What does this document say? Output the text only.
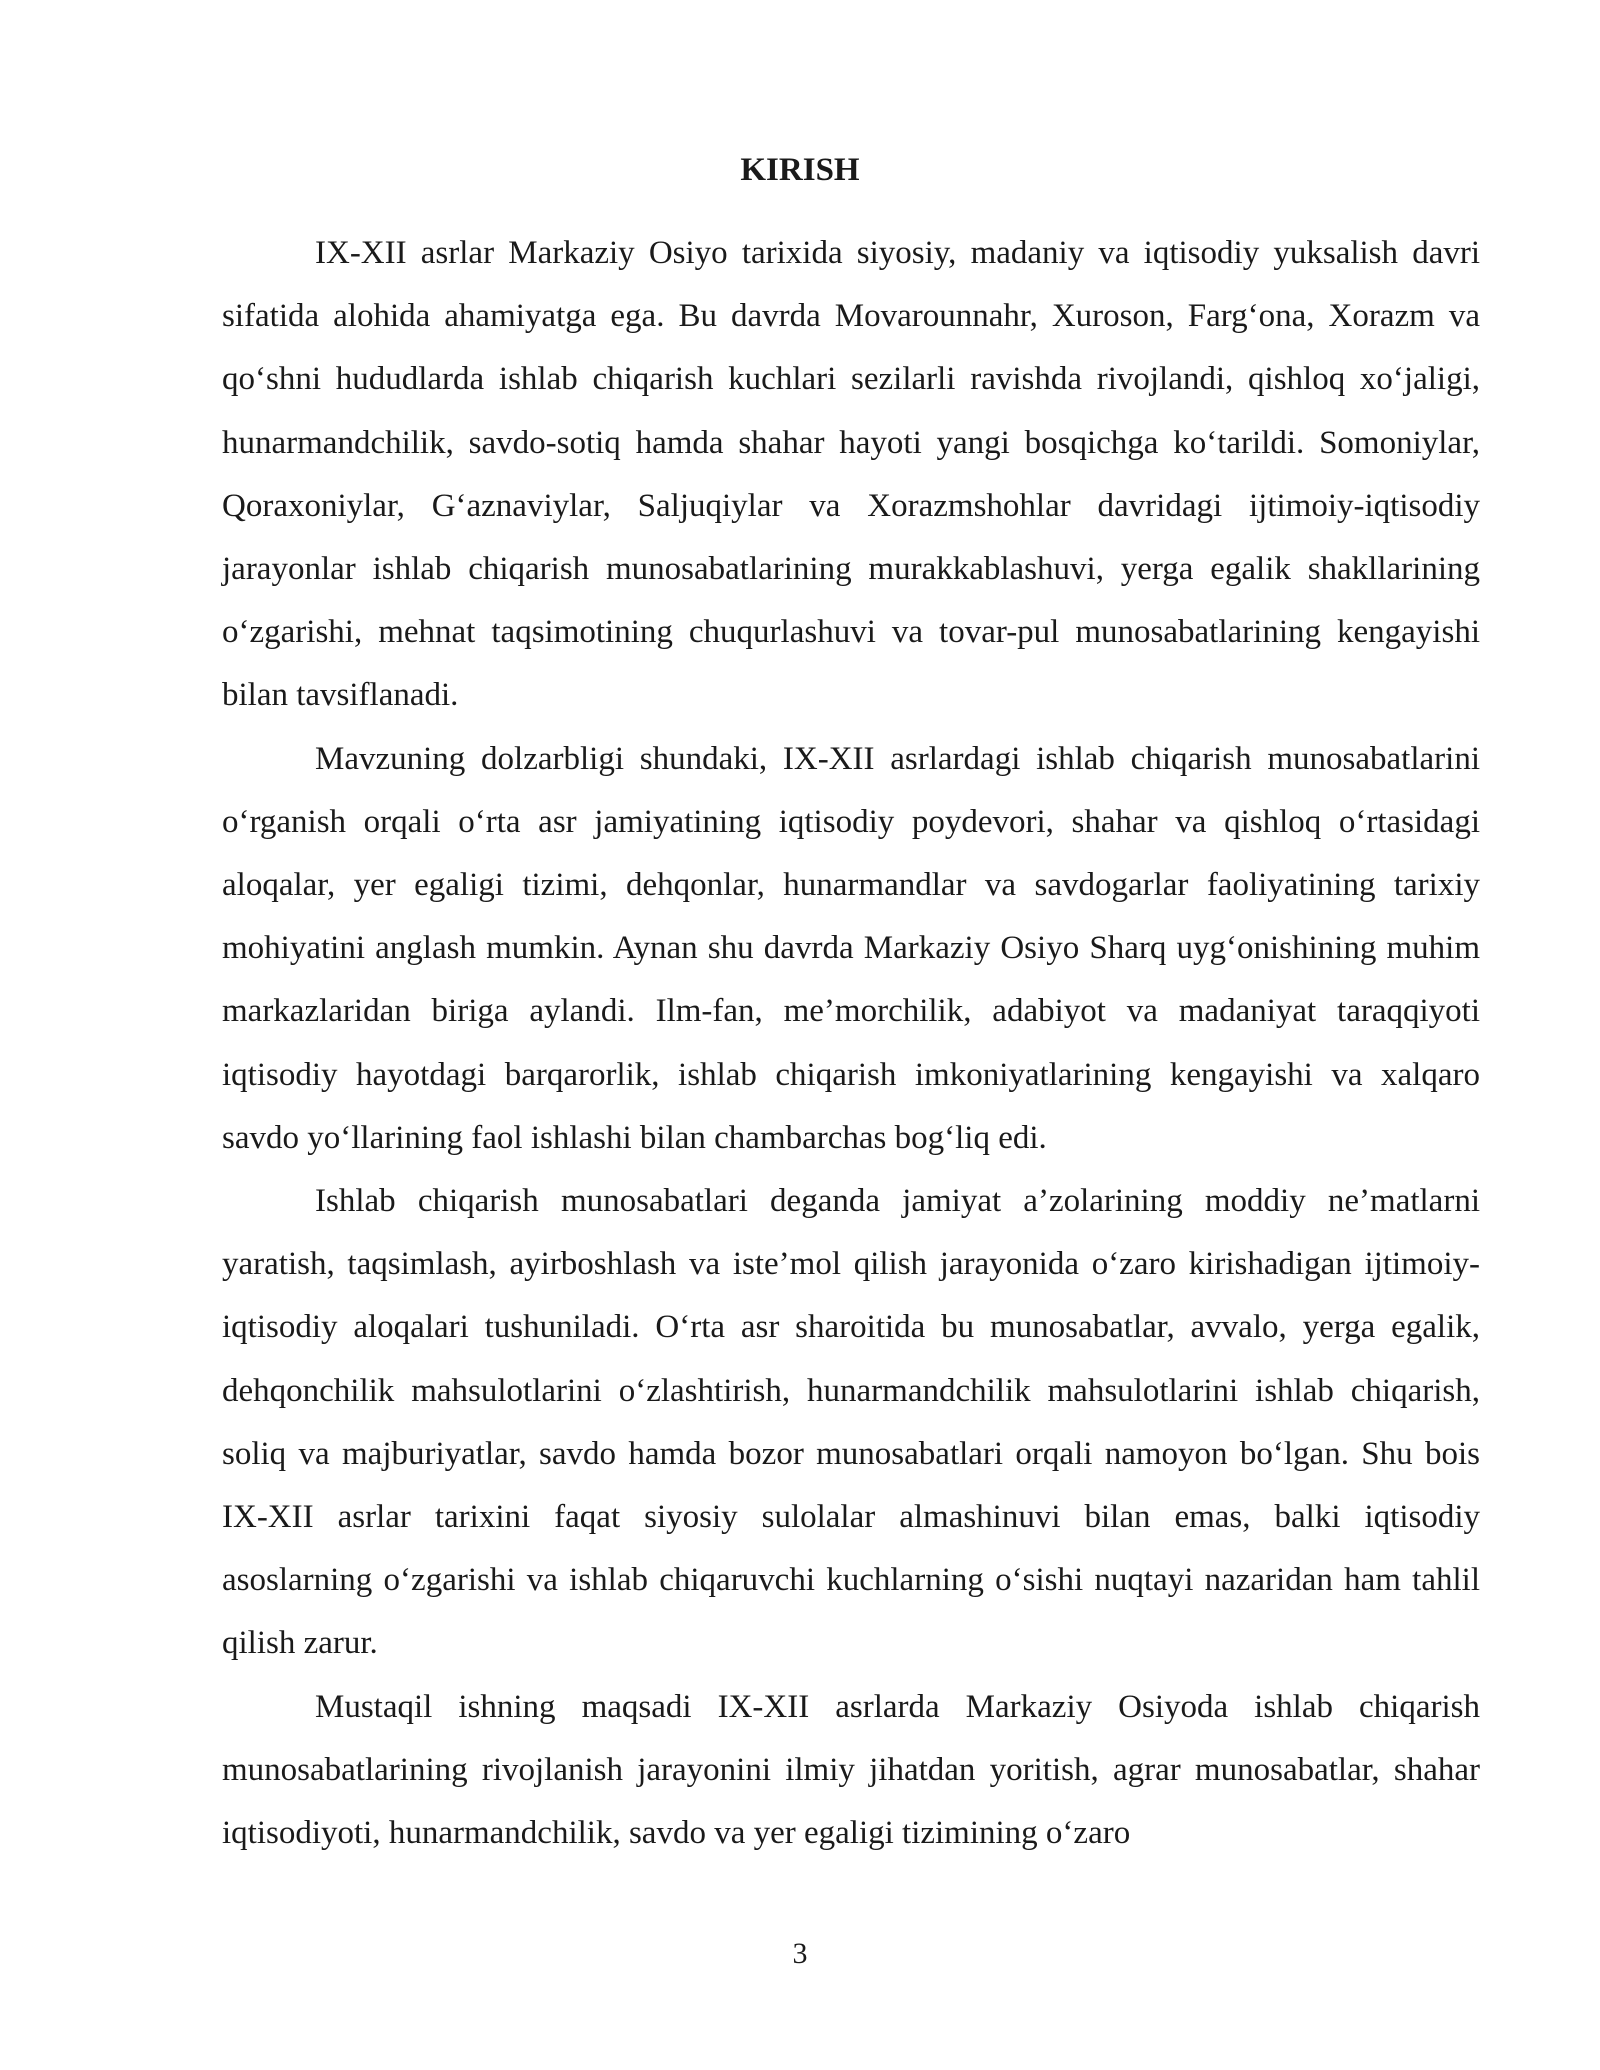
KIRISH

IX-XII asrlar Markaziy Osiyo tarixida siyosiy, madaniy va iqtisodiy yuksalish davri sifatida alohida ahamiyatga ega. Bu davrda Movarounnahr, Xuroson, Farg‘ona, Xorazm va qo‘shni hududlarda ishlab chiqarish kuchlari sezilarli ravishda rivojlandi, qishloq xo‘jaligi, hunarmandchilik, savdo-sotiq hamda shahar hayoti yangi bosqichga ko‘tarildi. Somoniylar, Qoraxoniylar, G‘aznaviylar, Saljuqiylar va Xorazmshohlar davridagi ijtimoiy-iqtisodiy jarayonlar ishlab chiqarish munosabatlarining murakkablashuvi, yerga egalik shakllarining o‘zgarishi, mehnat taqsimotining chuqurlashuvi va tovar-pul munosabatlarining kengayishi bilan tavsiflanadi.

Mavzuning dolzarbligi shundaki, IX-XII asrlardagi ishlab chiqarish munosabatlarini o‘rganish orqali o‘rta asr jamiyatining iqtisodiy poydevori, shahar va qishloq o‘rtasidagi aloqalar, yer egaligi tizimi, dehqonlar, hunarmandlar va savdogarlar faoliyatining tarixiy mohiyatini anglash mumkin. Aynan shu davrda Markaziy Osiyo Sharq uyg‘onishining muhim markazlaridan biriga aylandi. Ilm-fan, me’morchilik, adabiyot va madaniyat taraqqiyoti iqtisodiy hayotdagi barqarorlik, ishlab chiqarish imkoniyatlarining kengayishi va xalqaro savdo yo‘llarining faol ishlashi bilan chambarchas bog‘liq edi.

Ishlab chiqarish munosabatlari deganda jamiyat a’zolarining moddiy ne’matlarni yaratish, taqsimlash, ayirboshlash va iste’mol qilish jarayonida o‘zaro kirishadigan ijtimoiy-iqtisodiy aloqalari tushuniladi. O‘rta asr sharoitida bu munosabatlar, avvalo, yerga egalik, dehqonchilik mahsulotlarini o‘zlashtirish, hunarmandchilik mahsulotlarini ishlab chiqarish, soliq va majburiyatlar, savdo hamda bozor munosabatlari orqali namoyon bo‘lgan. Shu bois IX-XII asrlar tarixini faqat siyosiy sulolalar almashinuvi bilan emas, balki iqtisodiy asoslarning o‘zgarishi va ishlab chiqaruvchi kuchlarning o‘sishi nuqtayi nazaridan ham tahlil qilish zarur.

Mustaqil ishning maqsadi IX-XII asrlarda Markaziy Osiyoda ishlab chiqarish munosabatlarining rivojlanish jarayonini ilmiy jihatdan yoritish, agrar munosabatlar, shahar iqtisodiyoti, hunarmandchilik, savdo va yer egaligi tizimining o‘zaro

3
